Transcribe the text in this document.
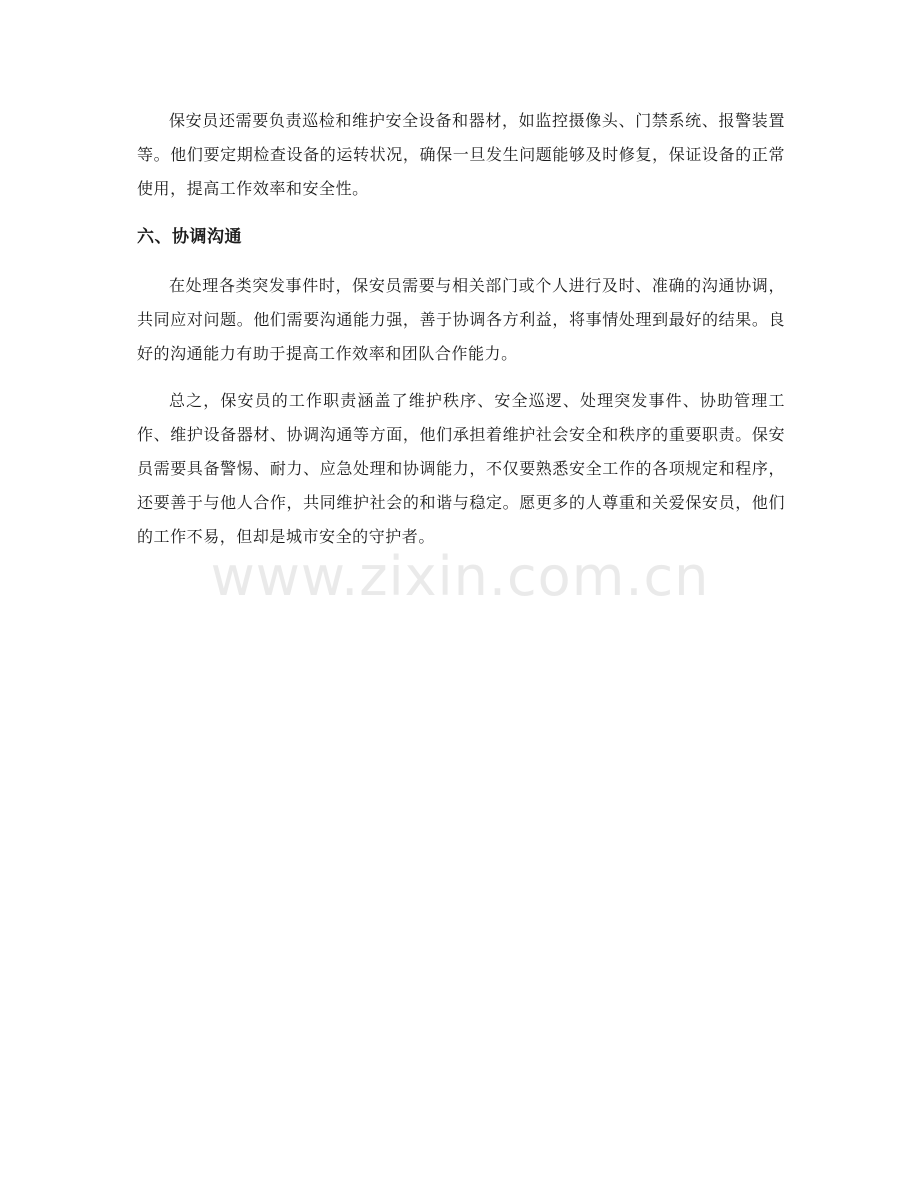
保安员还需要负责巡检和维护安全设备和器材，如监控摄像头、门禁系统、报警装置等。他们要定期检查设备的运转状况，确保一旦发生问题能够及时修复，保证设备的正常使用，提高工作效率和安全性。

六、协调沟通

在处理各类突发事件时，保安员需要与相关部门或个人进行及时、准确的沟通协调，共同应对问题。他们需要沟通能力强，善于协调各方利益，将事情处理到最好的结果。良好的沟通能力有助于提高工作效率和团队合作能力。

总之，保安员的工作职责涵盖了维护秩序、安全巡逻、处理突发事件、协助管理工作、维护设备器材、协调沟通等方面，他们承担着维护社会安全和秩序的重要职责。保安员需要具备警惕、耐力、应急处理和协调能力，不仅要熟悉安全工作的各项规定和程序，还要善于与他人合作，共同维护社会的和谐与稳定。愿更多的人尊重和关爱保安员，他们的工作不易，但却是城市安全的守护者。

www.zixin.com.cn
